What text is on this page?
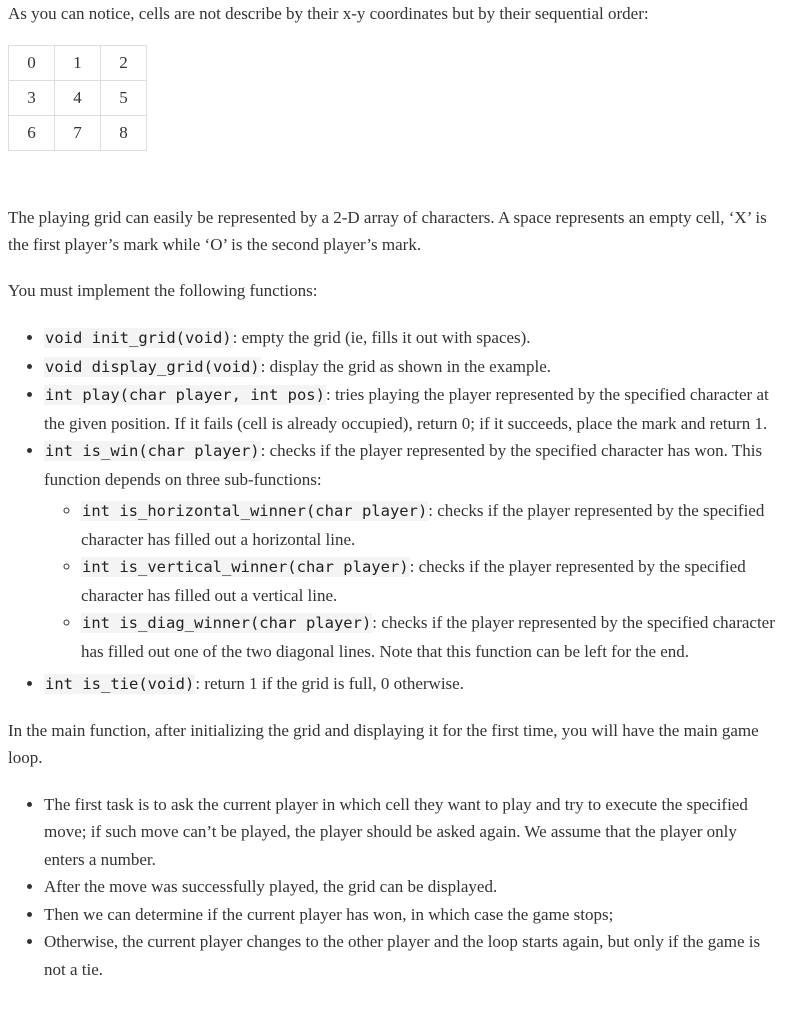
As you can notice, cells are not describe by their x-y coordinates but by their sequential order:

0	1	2
3	4	5
6	7	8

The playing grid can easily be represented by a 2-D array of characters. A space represents an empty cell, ‘X’ is the first player’s mark while ‘O’ is the second player’s mark.

You must implement the following functions:

• void init_grid(void): empty the grid (ie, fills it out with spaces).
• void display_grid(void): display the grid as shown in the example.
• int play(char player, int pos): tries playing the player represented by the specified character at the given position. If it fails (cell is already occupied), return 0; if it succeeds, place the mark and return 1.
• int is_win(char player): checks if the player represented by the specified character has won. This function depends on three sub-functions:
◦ int is_horizontal_winner(char player): checks if the player represented by the specified character has filled out a horizontal line.
◦ int is_vertical_winner(char player): checks if the player represented by the specified character has filled out a vertical line.
◦ int is_diag_winner(char player): checks if the player represented by the specified character has filled out one of the two diagonal lines. Note that this function can be left for the end.
• int is_tie(void): return 1 if the grid is full, 0 otherwise.

In the main function, after initializing the grid and displaying it for the first time, you will have the main game loop.

• The first task is to ask the current player in which cell they want to play and try to execute the specified move; if such move can’t be played, the player should be asked again. We assume that the player only enters a number.
• After the move was successfully played, the grid can be displayed.
• Then we can determine if the current player has won, in which case the game stops;
• Otherwise, the current player changes to the other player and the loop starts again, but only if the game is not a tie.
